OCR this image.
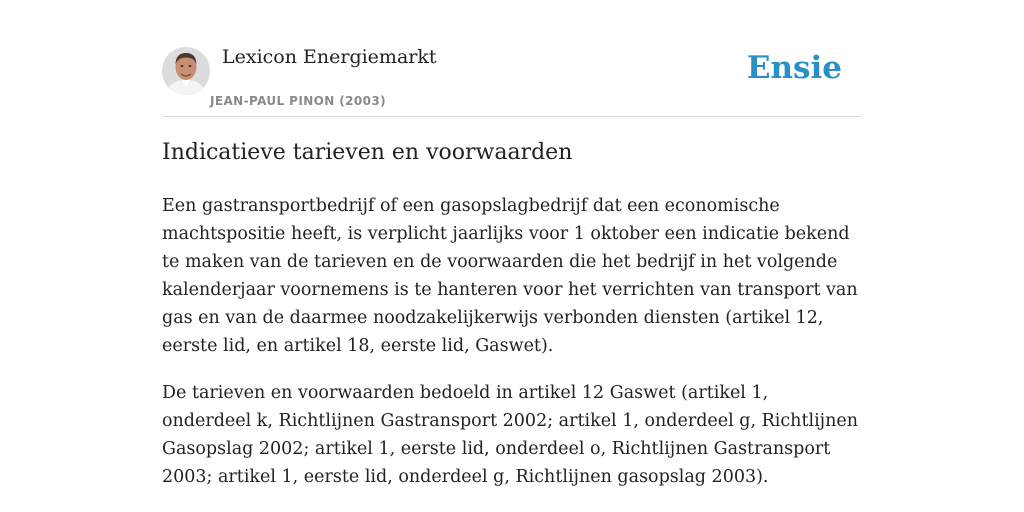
Lexicon Energiemarkt
JEAN-PAUL PINON (2003)
Ensie
Indicatieve tarieven en voorwaarden

Een gastransportbedrijf of een gasopslagbedrijf dat een economische machtspositie heeft, is verplicht jaarlijks voor 1 oktober een indicatie bekend te maken van de tarieven en de voorwaarden die het bedrijf in het volgende kalenderjaar voornemens is te hanteren voor het verrichten van transport van gas en van de daarmee noodzakelijkerwijs verbonden diensten (artikel 12, eerste lid, en artikel 18, eerste lid, Gaswet).

De tarieven en voorwaarden bedoeld in artikel 12 Gaswet (artikel 1, onderdeel k, Richtlijnen Gastransport 2002; artikel 1, onderdeel g, Richtlijnen Gasopslag 2002; artikel 1, eerste lid, onderdeel o, Richtlijnen Gastransport 2003; artikel 1, eerste lid, onderdeel g, Richtlijnen gasopslag 2003).
